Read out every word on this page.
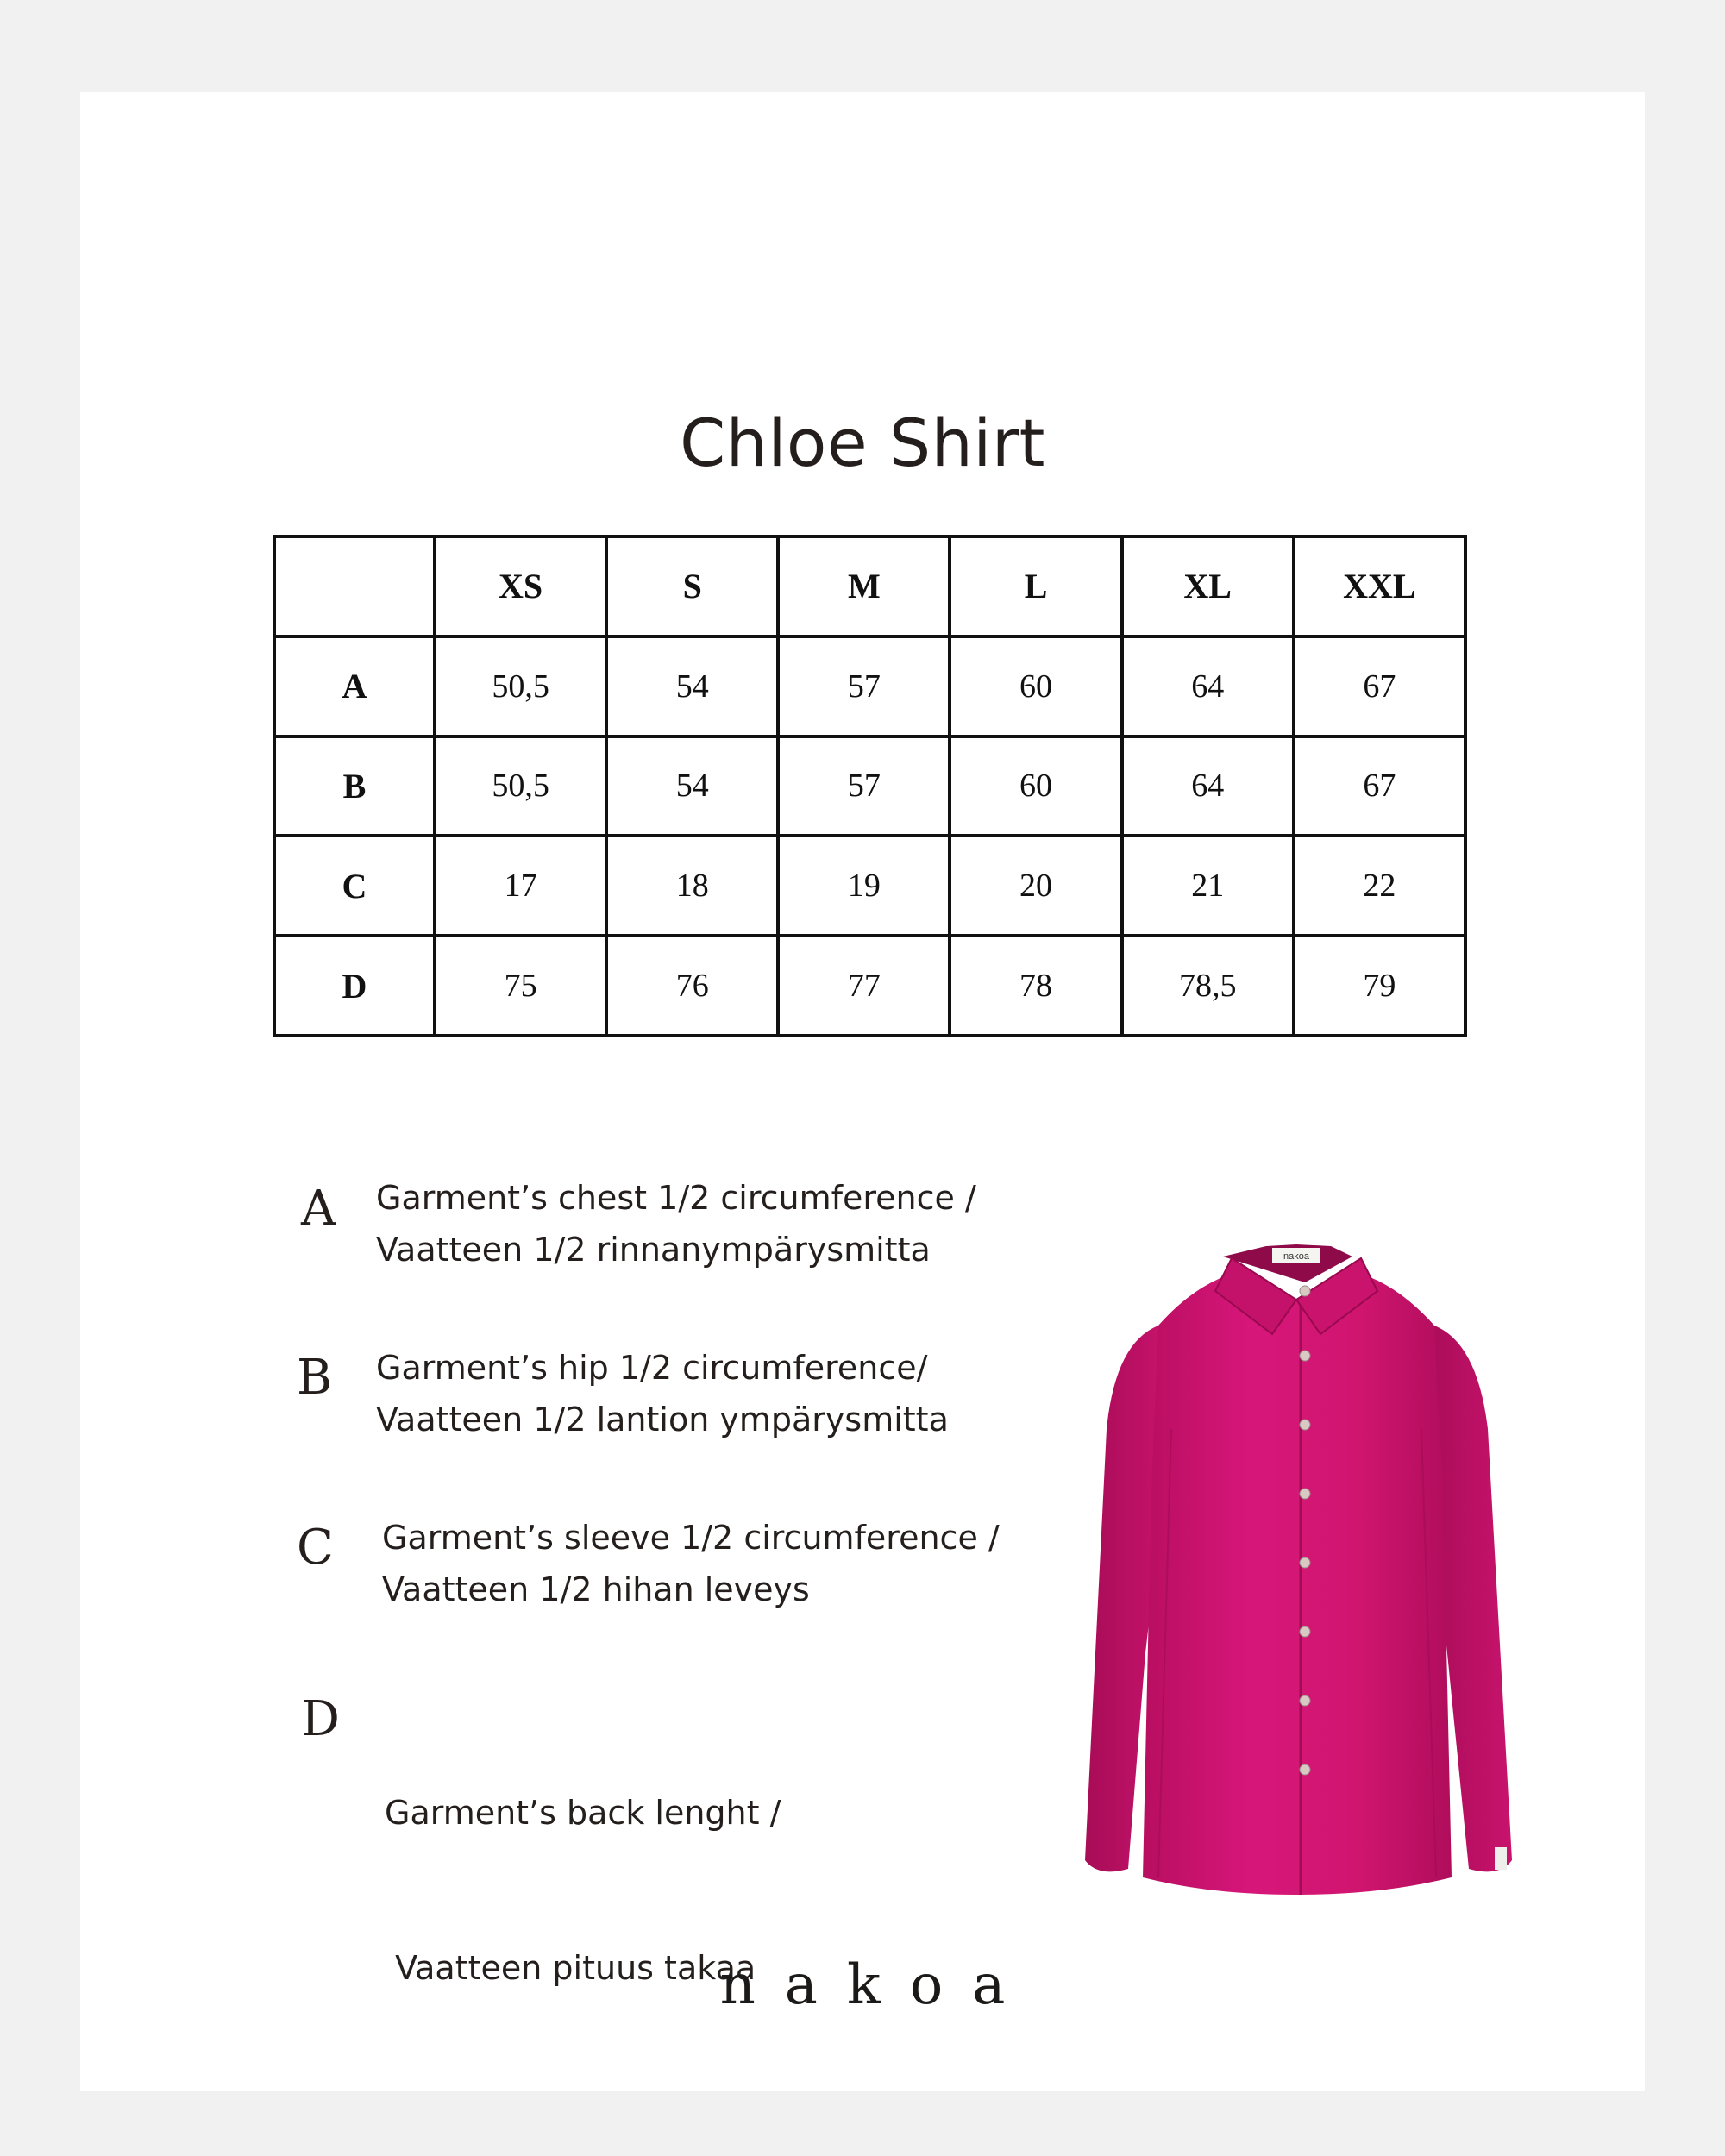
Chloe Shirt
	XS	S	M	L	XL	XXL
A	50,5	54	57	60	64	67
B	50,5	54	57	60	64	67
C	17	18	19	20	21	22
D	75	76	77	78	78,5	79
A Garment’s chest 1/2 circumference /
Vaatteen 1/2 rinnanympärysmitta
B Garment’s hip 1/2 circumference/
Vaatteen 1/2 lantion ympärysmitta
C Garment’s sleeve 1/2 circumference /
Vaatteen 1/2 hihan leveys
D

Garment’s back lenght /

Vaatteen pituus takaa

nakoa
nakoa
